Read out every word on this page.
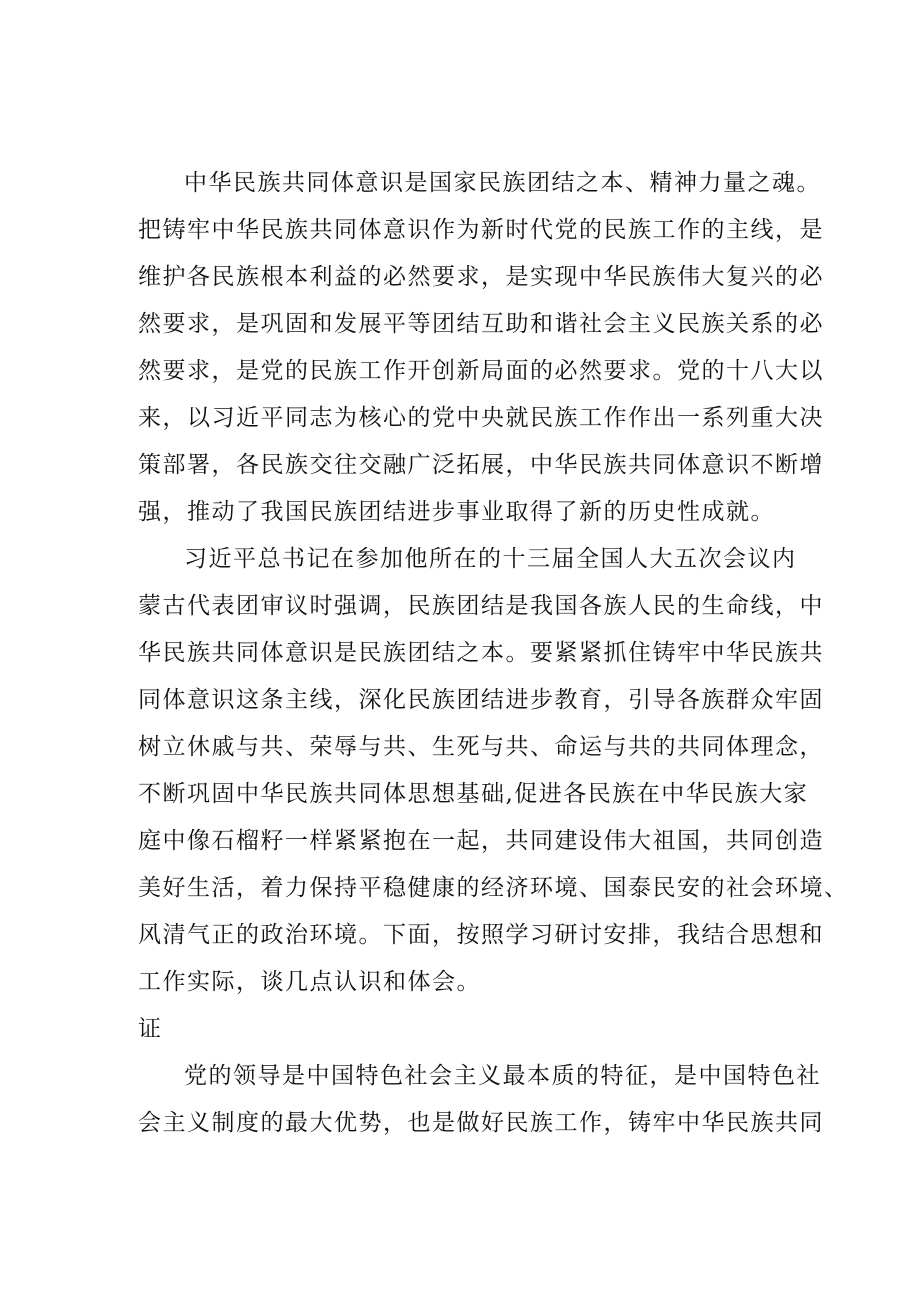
中华民族共同体意识是国家民族团结之本、精神力量之魂。
把铸牢中华民族共同体意识作为新时代党的民族工作的主线，是
维护各民族根本利益的必然要求，是实现中华民族伟大复兴的必
然要求，是巩固和发展平等团结互助和谐社会主义民族关系的必
然要求，是党的民族工作开创新局面的必然要求。党的十八大以
来，以习近平同志为核心的党中央就民族工作作出一系列重大决
策部署，各民族交往交融广泛拓展，中华民族共同体意识不断增
强，推动了我国民族团结进步事业取得了新的历史性成就。
习近平总书记在参加他所在的十三届全国人大五次会议内
蒙古代表团审议时强调，民族团结是我国各族人民的生命线，中
华民族共同体意识是民族团结之本。要紧紧抓住铸牢中华民族共
同体意识这条主线，深化民族团结进步教育，引导各族群众牢固
树立休戚与共、荣辱与共、生死与共、命运与共的共同体理念，
不断巩固中华民族共同体思想基础,促进各民族在中华民族大家
庭中像石榴籽一样紧紧抱在一起，共同建设伟大祖国，共同创造
美好生活，着力保持平稳健康的经济环境、国泰民安的社会环境、
风清气正的政治环境。下面，按照学习研讨安排，我结合思想和
工作实际，谈几点认识和体会。
证
党的领导是中国特色社会主义最本质的特征，是中国特色社
会主义制度的最大优势，也是做好民族工作，铸牢中华民族共同
